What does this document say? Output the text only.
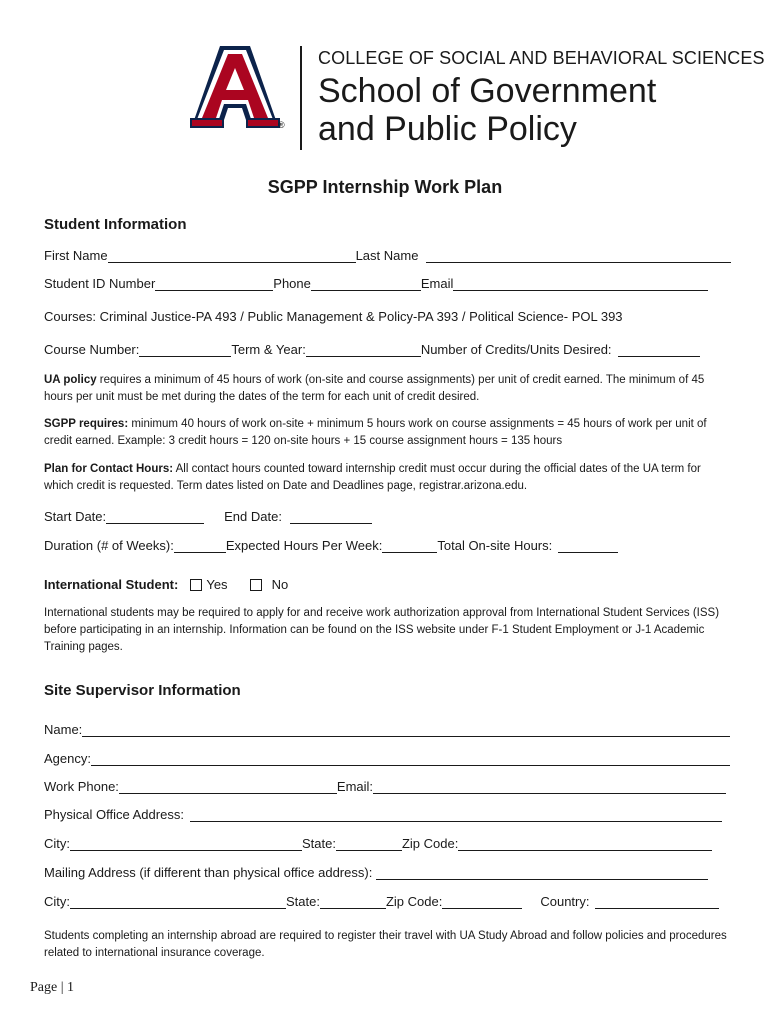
®
COLLEGE OF SOCIAL AND BEHAVIORAL SCIENCES
School of Government
and Public Policy
SGPP Internship Work Plan
Student Information
First Name	Last Name
Student ID Number	Phone	Email
Courses: Criminal Justice-PA 493 / Public Management & Policy-PA 393 / Political Science- POL 393
Course Number:	Term & Year:	Number of Credits/Units Desired:
UA policy requires a minimum of 45 hours of work (on-site and course assignments) per unit of credit earned. The minimum of 45 hours per unit must be met during the dates of the term for each unit of credit desired.
SGPP requires: minimum 40 hours of work on-site + minimum 5 hours work on course assignments = 45 hours of work per unit of credit earned. Example: 3 credit hours = 120 on-site hours + 15 course assignment hours = 135 hours
Plan for Contact Hours: All contact hours counted toward internship credit must occur during the official dates of the UA term for which credit is requested. Term dates listed on Date and Deadlines page, registrar.arizona.edu.
Start Date:	End Date:
Duration (# of Weeks):	Expected Hours Per Week:	Total On-site Hours:
International Student:	Yes	No
International students may be required to apply for and receive work authorization approval from International Student Services (ISS) before participating in an internship. Information can be found on the ISS website under F-1 Student Employment or J-1 Academic Training pages.
Site Supervisor Information
Name:
Agency:
Work Phone:	Email:
Physical Office Address:
City:	State:	Zip Code:
Mailing Address (if different than physical office address):
City:	State:	Zip Code:	Country:
Students completing an internship abroad are required to register their travel with UA Study Abroad and follow policies and procedures related to international insurance coverage.
Page | 1
